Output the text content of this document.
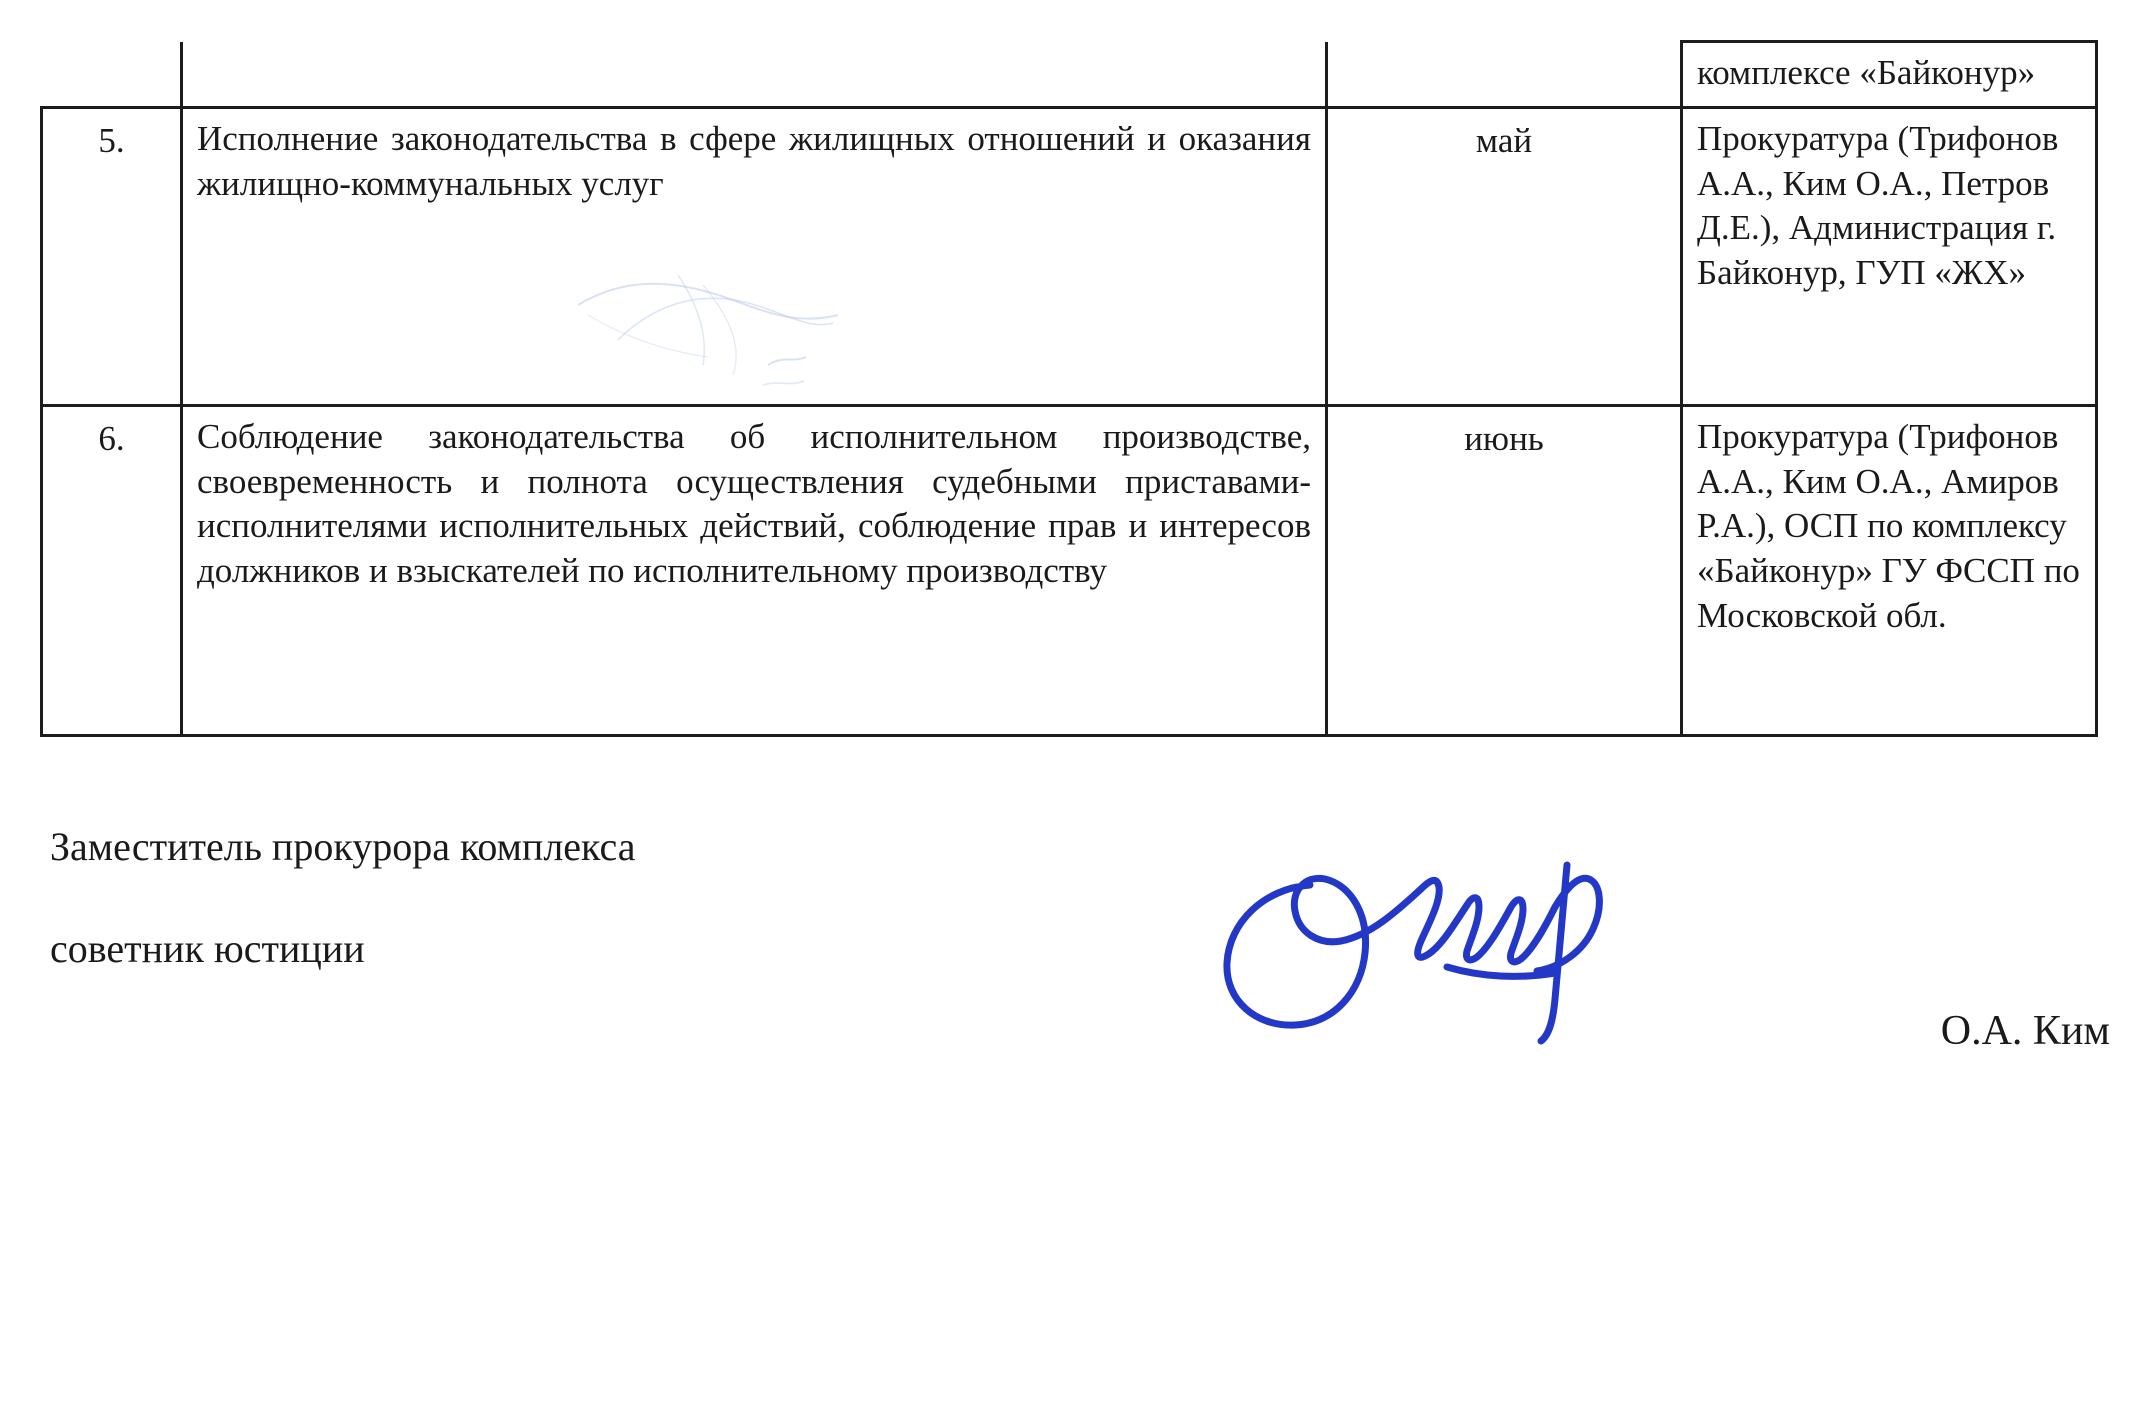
			комплексе «Байконур»
5.	Исполнение законодательства в сфере жилищных отношений и оказания жилищно-коммунальных услуг	май	Прокуратура (Трифонов А.А., Ким О.А., Петров Д.Е.), Администрация г. Байконур, ГУП «ЖХ»
6.	Соблюдение законодательства об исполнительном производстве, своевременность и полнота осуществления судебными приставами-исполнителями исполнительных действий, соблюдение прав и интересов должников и взыскателей по исполнительному производству	июнь	Прокуратура (Трифонов А.А., Ким О.А., Амиров Р.А.), ОСП по комплексу «Байконур» ГУ ФССП по Московской обл.
Заместитель прокурора комплекса
советник юстиции
О.А. Ким
